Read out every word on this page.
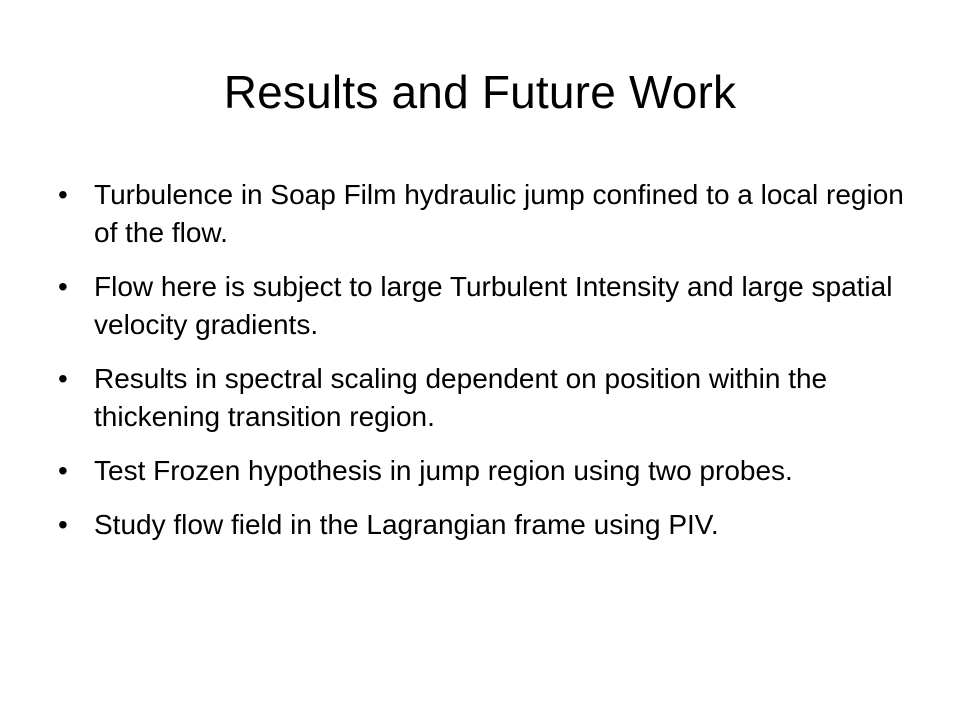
Results and Future Work
• Turbulence in Soap Film hydraulic jump confined to a local region of the flow.
• Flow here is subject to large Turbulent Intensity and large spatial velocity gradients.
• Results in spectral scaling dependent on position within the thickening transition region.
• Test Frozen hypothesis in jump region using two probes.
• Study flow field in the Lagrangian frame using PIV.
